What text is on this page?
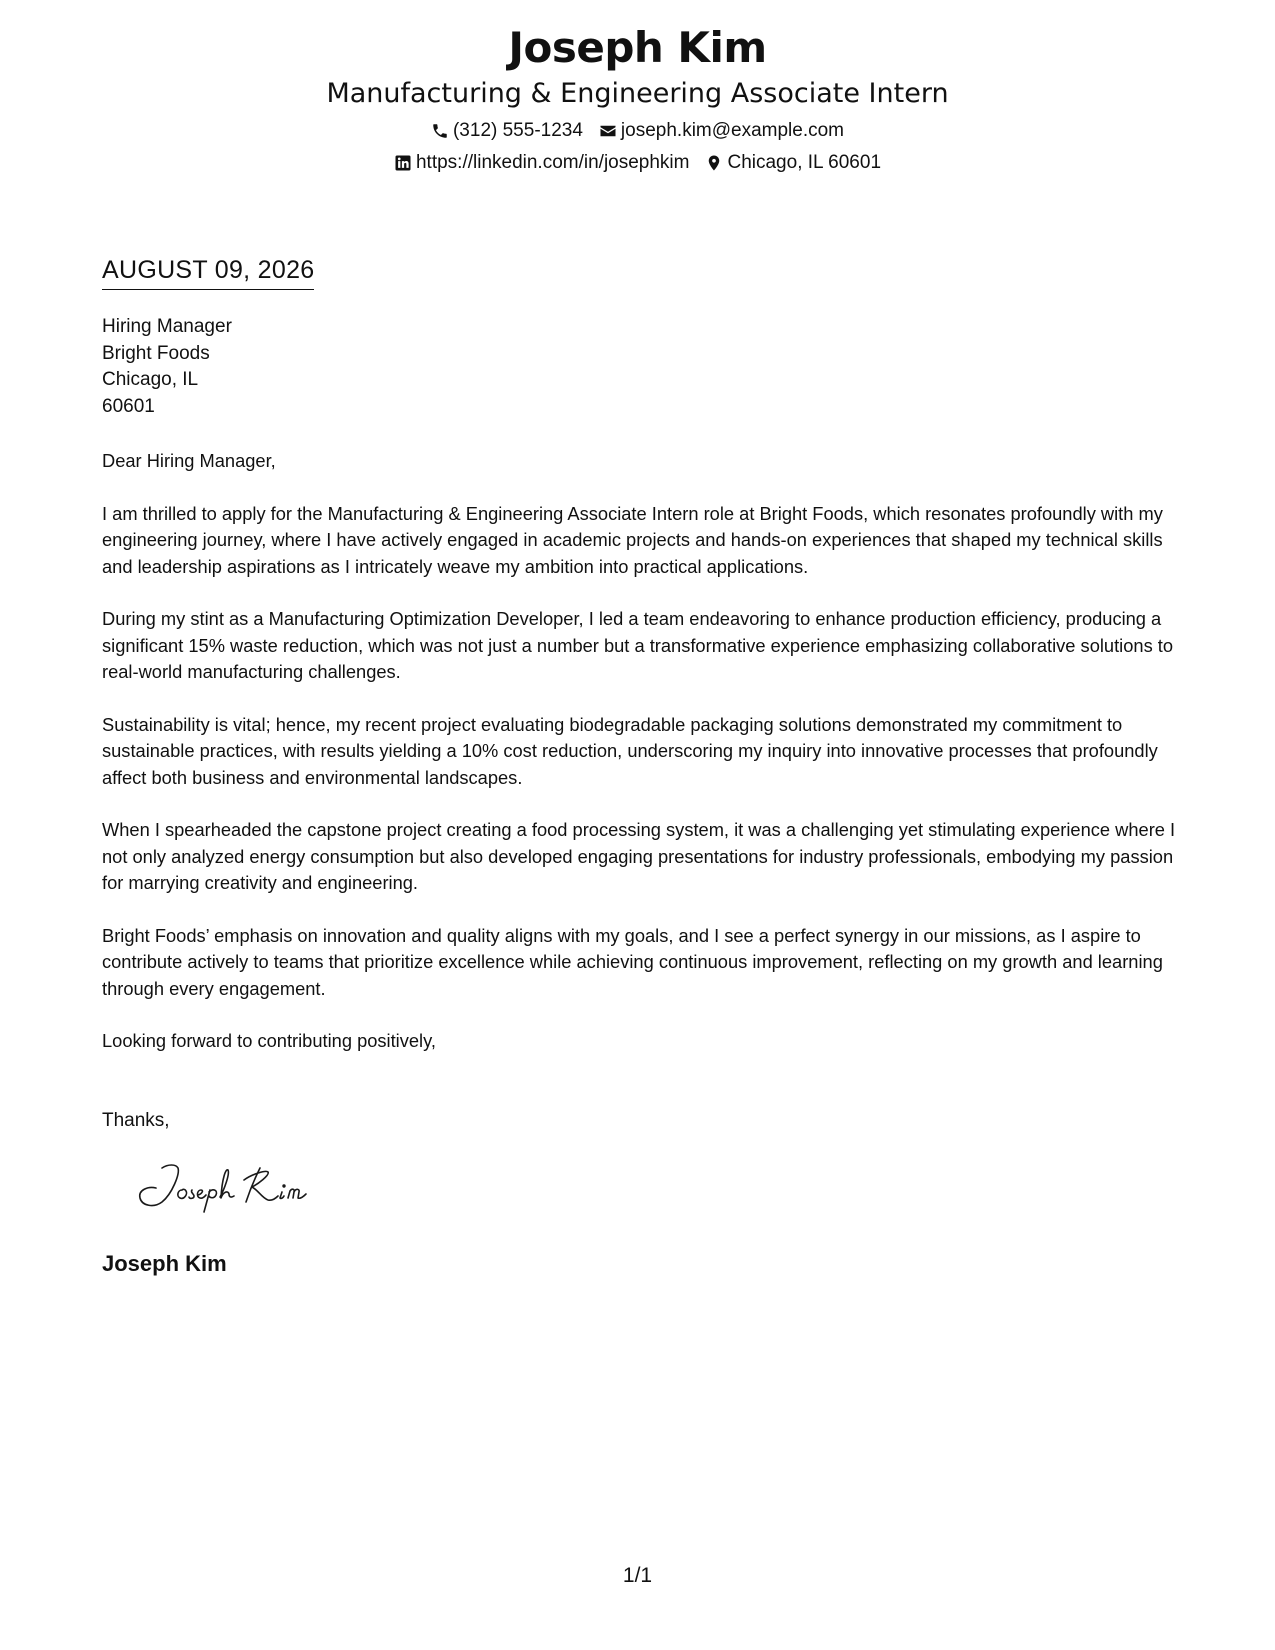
Joseph Kim
Manufacturing & Engineering Associate Intern
(312) 555-1234 joseph.kim@example.com
https://linkedin.com/in/josephkim Chicago, IL 60601
AUGUST 09, 2026
Hiring Manager
Bright Foods
Chicago, IL
60601

Dear Hiring Manager,

I am thrilled to apply for the Manufacturing & Engineering Associate Intern role at Bright Foods, which resonates profoundly with my engineering journey, where I have actively engaged in academic projects and hands-on experiences that shaped my technical skills and leadership aspirations as I intricately weave my ambition into practical applications.

During my stint as a Manufacturing Optimization Developer, I led a team endeavoring to enhance production efficiency, producing a significant 15% waste reduction, which was not just a number but a transformative experience emphasizing collaborative solutions to real-world manufacturing challenges.

Sustainability is vital; hence, my recent project evaluating biodegradable packaging solutions demonstrated my commitment to sustainable practices, with results yielding a 10% cost reduction, underscoring my inquiry into innovative processes that profoundly affect both business and environmental landscapes.

When I spearheaded the capstone project creating a food processing system, it was a challenging yet stimulating experience where I not only analyzed energy consumption but also developed engaging presentations for industry professionals, embodying my passion for marrying creativity and engineering.

Bright Foods’ emphasis on innovation and quality aligns with my goals, and I see a perfect synergy in our missions, as I aspire to contribute actively to teams that prioritize excellence while achieving continuous improvement, reflecting on my growth and learning through every engagement.

Looking forward to contributing positively,

Thanks,
Joseph Kim
1/1
